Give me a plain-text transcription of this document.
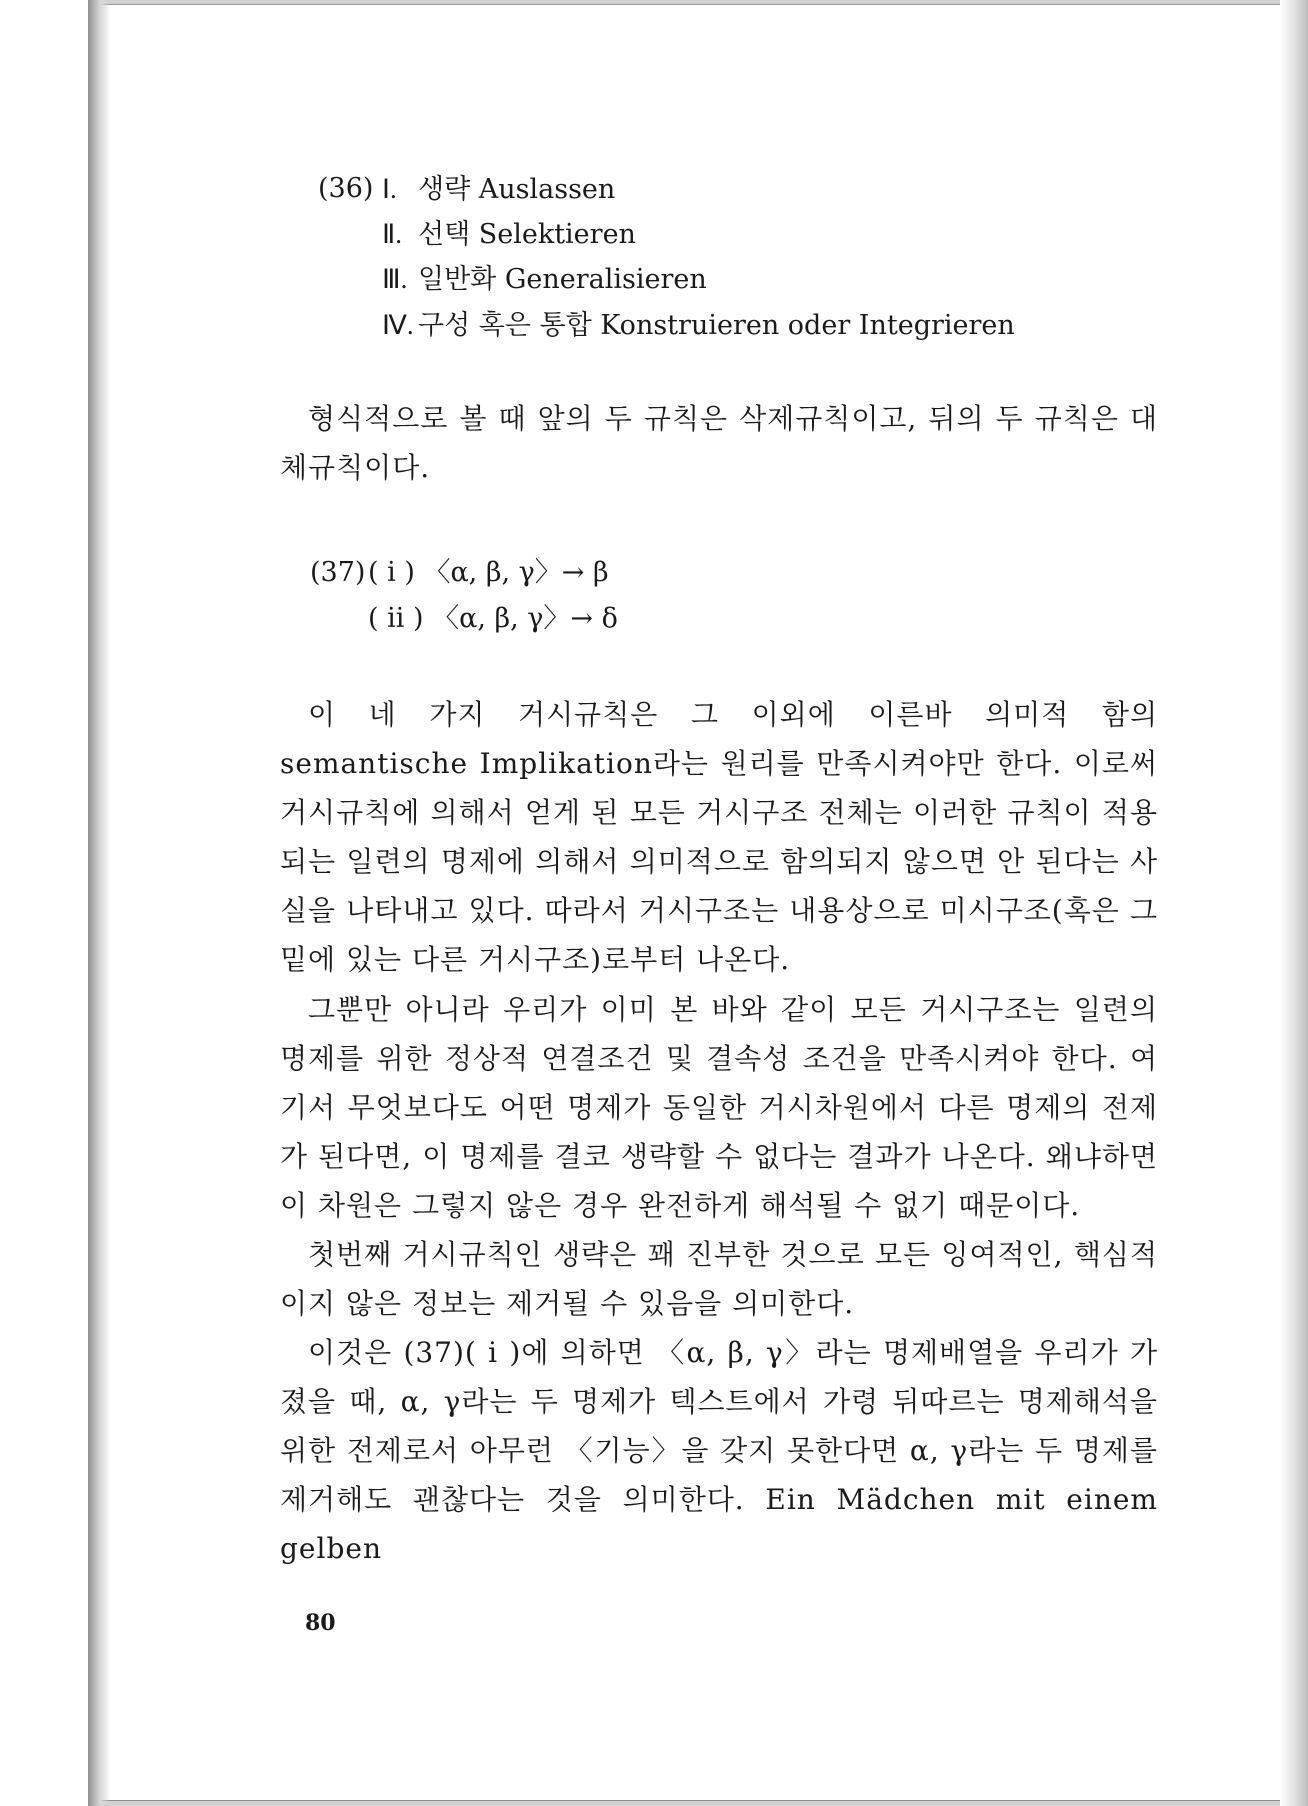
(36) Ⅰ. 생략 Auslassen
Ⅱ. 선택 Selektieren
Ⅲ. 일반화 Generalisieren
Ⅳ. 구성 혹은 통합 Konstruieren oder Integrieren

형식적으로 볼 때 앞의 두 규칙은 삭제규칙이고, 뒤의 두 규칙은 대체규칙이다.

(37) ( i ) 〈α, β, γ〉→ β
( ii ) 〈α, β, γ〉→ δ

이 네 가지 거시규칙은 그 이외에 이른바 의미적 함의 semantische Implikation라는 원리를 만족시켜야만 한다. 이로써 거시규칙에 의해서 얻게 된 모든 거시구조 전체는 이러한 규칙이 적용되는 일련의 명제에 의해서 의미적으로 함의되지 않으면 안 된다는 사실을 나타내고 있다. 따라서 거시구조는 내용상으로 미시구조(혹은 그 밑에 있는 다른 거시구조)로부터 나온다.

그뿐만 아니라 우리가 이미 본 바와 같이 모든 거시구조는 일련의 명제를 위한 정상적 연결조건 및 결속성 조건을 만족시켜야 한다. 여기서 무엇보다도 어떤 명제가 동일한 거시차원에서 다른 명제의 전제가 된다면, 이 명제를 결코 생략할 수 없다는 결과가 나온다. 왜냐하면 이 차원은 그렇지 않은 경우 완전하게 해석될 수 없기 때문이다.

첫번째 거시규칙인 생략은 꽤 진부한 것으로 모든 잉여적인, 핵심적이지 않은 정보는 제거될 수 있음을 의미한다.

이것은 (37)( i )에 의하면 〈α, β, γ〉라는 명제배열을 우리가 가졌을 때, α, γ라는 두 명제가 텍스트에서 가령 뒤따르는 명제해석을 위한 전제로서 아무런 〈기능〉을 갖지 못한다면 α, γ라는 두 명제를 제거해도 괜찮다는 것을 의미한다. Ein Mädchen mit einem gelben

80
